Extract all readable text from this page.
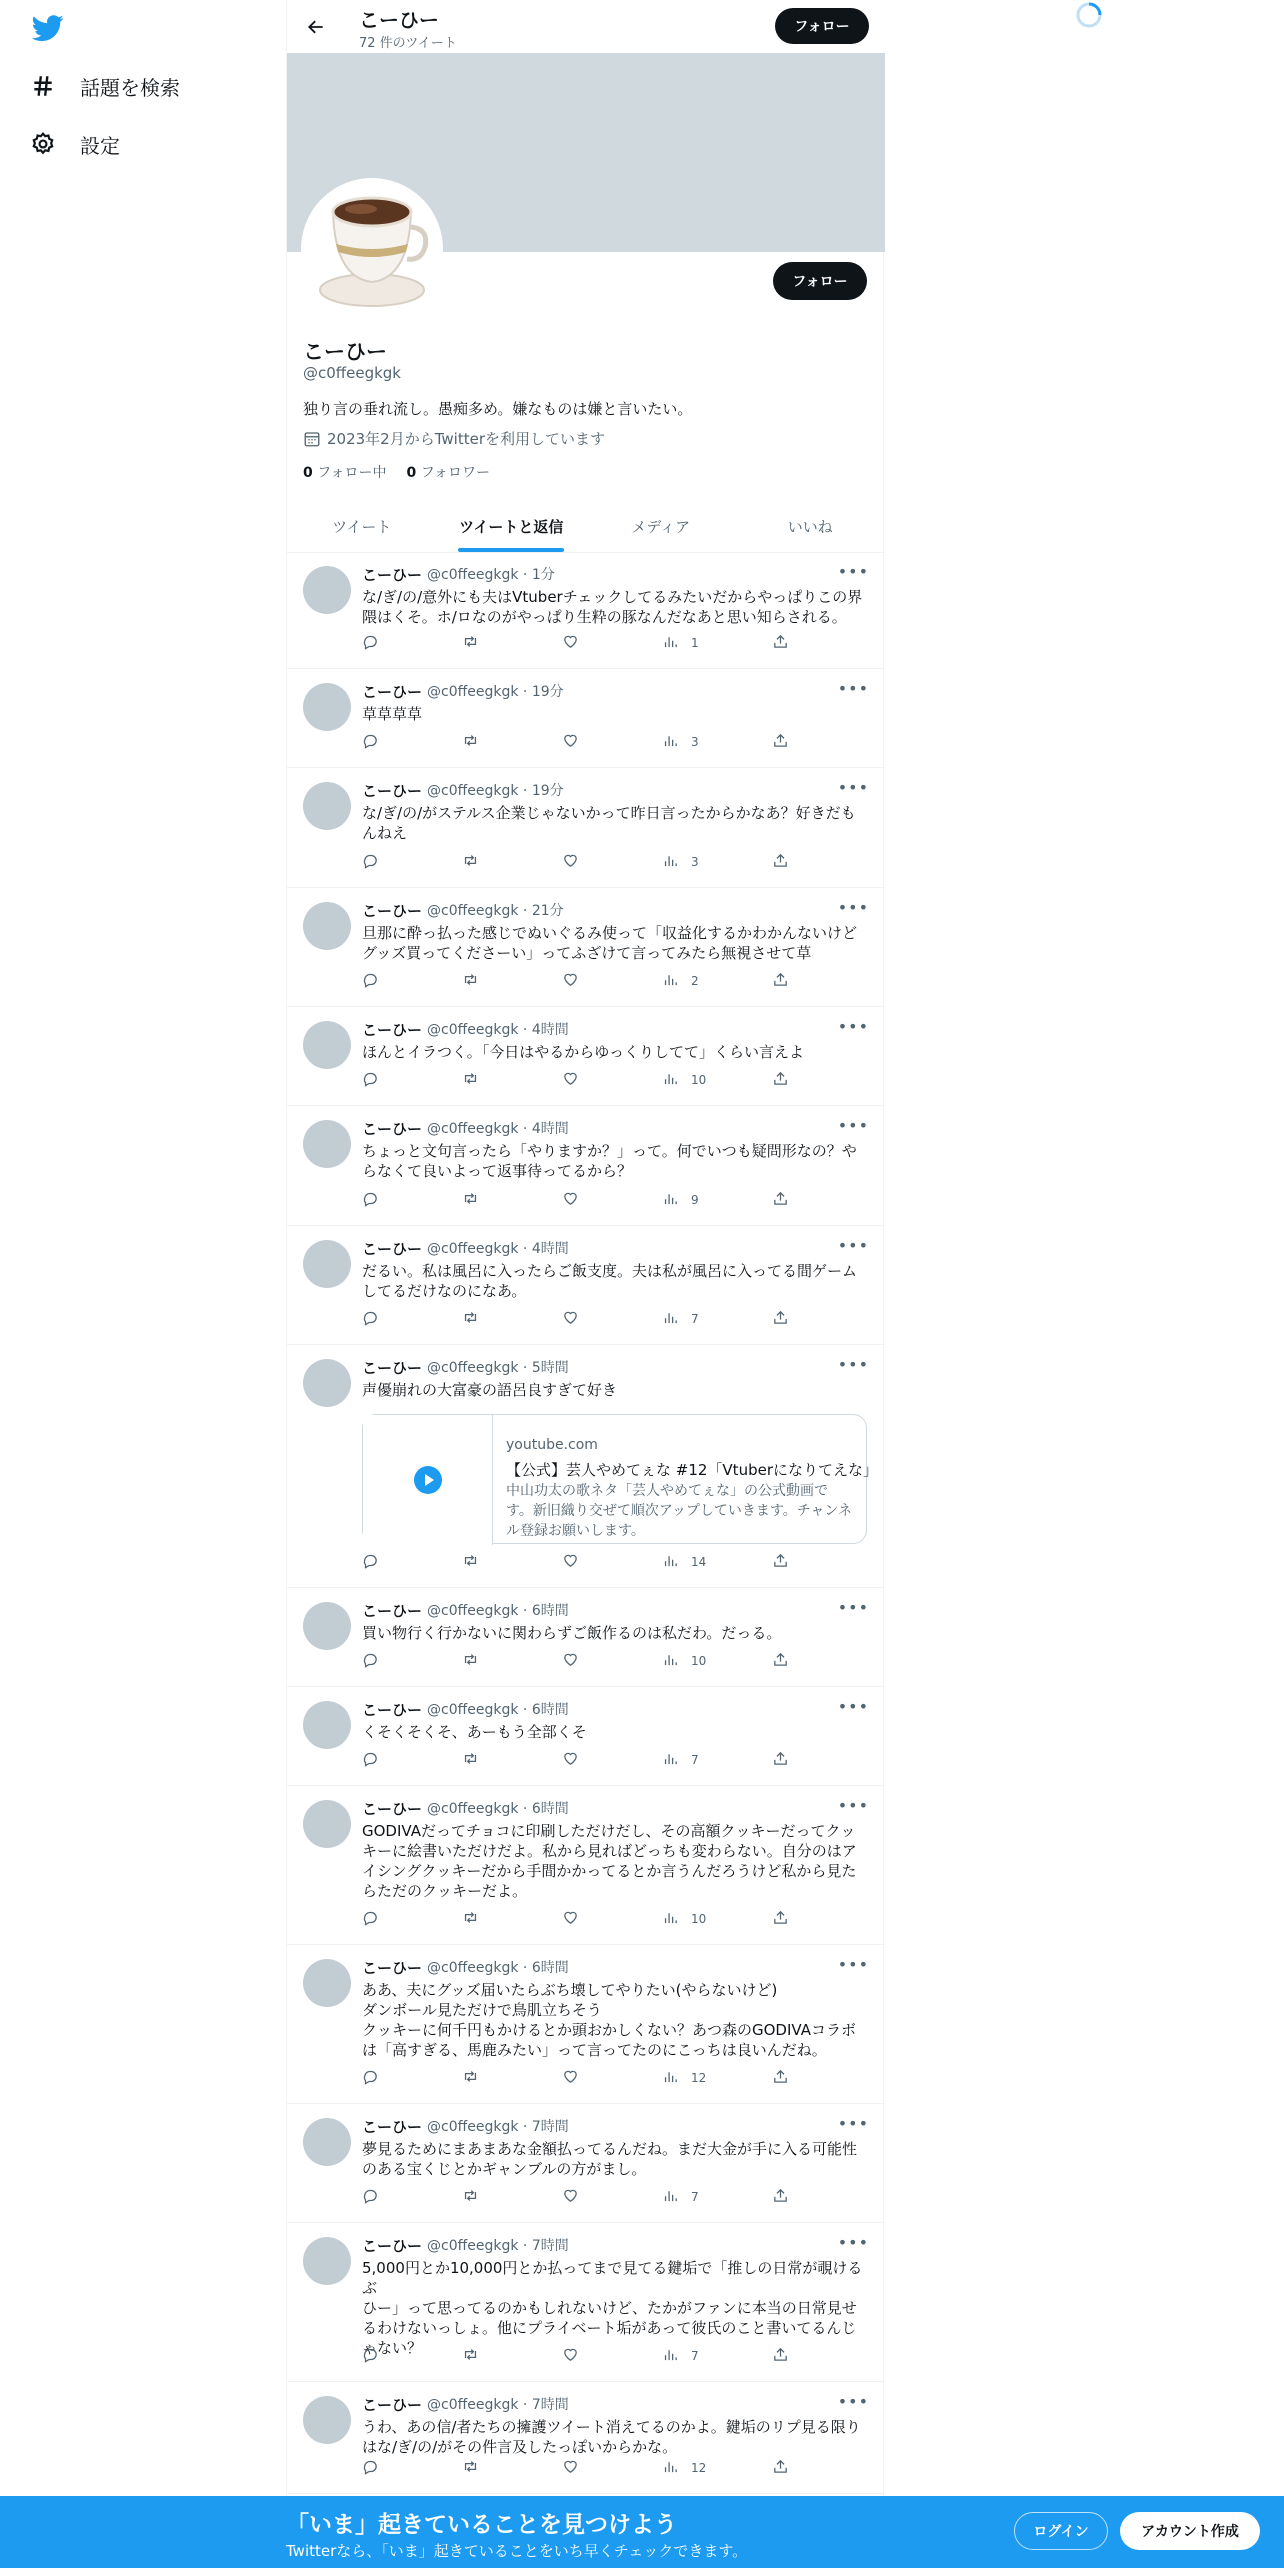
話題を検索
設定
こーひー
72 件のツイート
フォロー
フォロー
こーひー
@c0ffeegkgk
独り言の垂れ流し。愚痴多め。嫌なものは嫌と言いたい。
2023年2月からTwitterを利用しています
0 フォロー中 0 フォロワー
ツイート	ツイートと返信	メディア	いいね
こーひー @c0ffeegkgk · 1分	•••
な/ぎ/の/意外にも夫はVtuberチェックしてるみたいだからやっぱりこの界
隈はくそ。ホ/ロなのがやっぱり生粋の豚なんだなあと思い知らされる。
1
こーひー @c0ffeegkgk · 19分	•••
草草草草
3
こーひー @c0ffeegkgk · 19分	•••
な/ぎ/の/がステルス企業じゃないかって昨日言ったからかなあ？好きだも
んねえ
3
こーひー @c0ffeegkgk · 21分	•••
旦那に酔っ払った感じでぬいぐるみ使って「収益化するかわかんないけど
グッズ買ってくださーい」ってふざけて言ってみたら無視させて草
2
こーひー @c0ffeegkgk · 4時間	•••
ほんとイラつく。「今日はやるからゆっくりしてて」くらい言えよ
10
こーひー @c0ffeegkgk · 4時間	•••
ちょっと文句言ったら「やりますか？」って。何でいつも疑問形なの？や
らなくて良いよって返事待ってるから？
9
こーひー @c0ffeegkgk · 4時間	•••
だるい。私は風呂に入ったらご飯支度。夫は私が風呂に入ってる間ゲーム
してるだけなのになあ。
7
こーひー @c0ffeegkgk · 5時間	•••
声優崩れの大富豪の語呂良すぎて好き
youtube.com
【公式】芸人やめてぇな #12「Vtuberになりてえな」
中山功太の歌ネタ「芸人やめてぇな」の公式動画で す。新旧織り交ぜて順次アップしていきます。チャンネル登録お願いします。
14
こーひー @c0ffeegkgk · 6時間	•••
買い物行く行かないに関わらずご飯作るのは私だわ。だっる。
10
こーひー @c0ffeegkgk · 6時間	•••
くそくそくそ、あーもう全部くそ
7
こーひー @c0ffeegkgk · 6時間	•••
GODIVAだってチョコに印刷しただけだし、その高額クッキーだってクッ
キーに絵書いただけだよ。私から見ればどっちも変わらない。自分のはア
イシングクッキーだから手間かかってるとか言うんだろうけど私から見た
らただのクッキーだよ。
10
こーひー @c0ffeegkgk · 6時間	•••
ああ、夫にグッズ届いたらぶち壊してやりたい(やらないけど)
ダンボール見ただけで鳥肌立ちそう
クッキーに何千円もかけるとか頭おかしくない？あつ森のGODIVAコラボ
は「高すぎる、馬鹿みたい」って言ってたのにこっちは良いんだね。
12
こーひー @c0ffeegkgk · 7時間	•••
夢見るためにまあまあな金額払ってるんだね。まだ大金が手に入る可能性
のある宝くじとかギャンブルの方がまし。
7
こーひー @c0ffeegkgk · 7時間	•••
5,000円とか10,000円とか払ってまで見てる鍵垢で「推しの日常が覗けるぶ
ひー」って思ってるのかもしれないけど、たかがファンに本当の日常見せ
るわけないっしょ。他にプライベート垢があって彼氏のこと書いてるんじ
ゃない？	7
こーひー @c0ffeegkgk · 7時間	•••
うわ、あの信/者たちの擁護ツイート消えてるのかよ。鍵垢のリプ見る限り
はな/ぎ/の/がその件言及したっぽいからかな。
12
「いま」起きていることを見つけよう
Twitterなら、「いま」起きていることをいち早くチェックできます。
ログイン	アカウント作成
